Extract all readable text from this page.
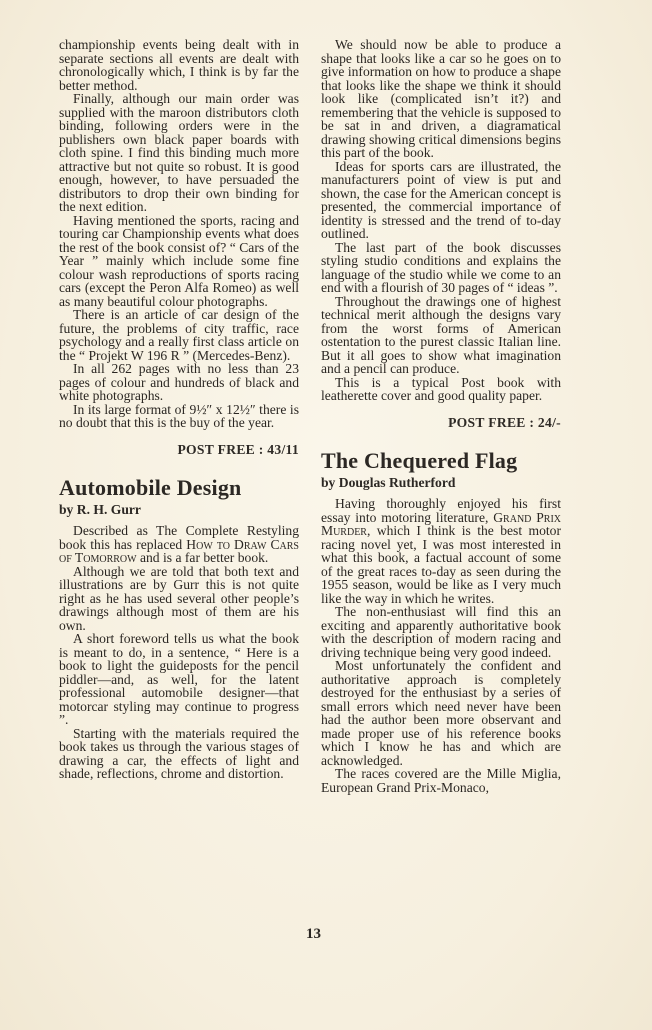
championship events being dealt with in separate sections all events are dealt with chronologically which, I think is by far the better method.

Finally, although our main order was supplied with the maroon distributors cloth binding, following orders were in the publishers own black paper boards with cloth spine. I find this binding much more attractive but not quite so robust. It is good enough, however, to have persuaded the distributors to drop their own binding for the next edition.

Having mentioned the sports, racing and touring car Championship events what does the rest of the book consist of? “ Cars of the Year ” mainly which include some fine colour wash reproductions of sports racing cars (except the Peron Alfa Romeo) as well as many beautiful colour photographs.

There is an article of car design of the future, the problems of city traffic, race psychology and a really first class article on the “ Projekt W 196 R ” (Mercedes-Benz).

In all 262 pages with no less than 23 pages of colour and hundreds of black and white photographs.

In its large format of 9½″ x 12½″ there is no doubt that this is the buy of the year.

POST FREE : 43/11
Automobile Design
by R. H. Gurr

Described as The Complete Restyling book this has replaced How to Draw Cars of Tomorrow and is a far better book.

Although we are told that both text and illustrations are by Gurr this is not quite right as he has used several other people’s drawings although most of them are his own.

A short foreword tells us what the book is meant to do, in a sentence, “ Here is a book to light the guideposts for the pencil piddler—and, as well, for the latent professional automobile designer—that motorcar styling may continue to progress ”.

Starting with the materials required the book takes us through the various stages of drawing a car, the effects of light and shade, reflections, chrome and distortion.

We should now be able to produce a shape that looks like a car so he goes on to give information on how to produce a shape that looks like the shape we think it should look like (complicated isn’t it?) and remembering that the vehicle is supposed to be sat in and driven, a diagramatical drawing showing critical dimensions begins this part of the book.

Ideas for sports cars are illustrated, the manufacturers point of view is put and shown, the case for the American concept is presented, the commercial importance of identity is stressed and the trend of to-day outlined.

The last part of the book discusses styling studio conditions and explains the language of the studio while we come to an end with a flourish of 30 pages of “ ideas ”.

Throughout the drawings one of highest technical merit although the designs vary from the worst forms of American ostentation to the purest classic Italian line. But it all goes to show what imagination and a pencil can produce.

This is a typical Post book with leatherette cover and good quality paper.

POST FREE : 24/-
The Chequered Flag
by Douglas Rutherford

Having thoroughly enjoyed his first essay into motoring literature, Grand Prix Murder, which I think is the best motor racing novel yet, I was most interested in what this book, a factual account of some of the great races to-day as seen during the 1955 season, would be like as I very much like the way in which he writes.

The non-enthusiast will find this an exciting and apparently authoritative book with the description of modern racing and driving technique being very good indeed.

Most unfortunately the confident and authoritative approach is completely destroyed for the enthusiast by a series of small errors which need never have been had the author been more observant and made proper use of his reference books which I know he has and which are acknowledged.

The races covered are the Mille Miglia, European Grand Prix-Monaco,

13
